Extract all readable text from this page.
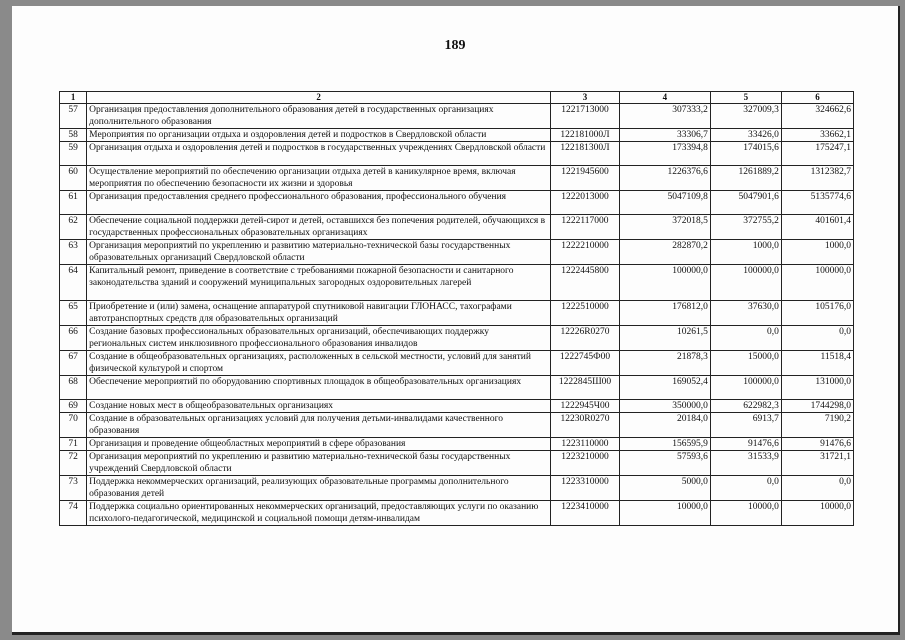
189
1	2	3	4	5	6
57	Организация предоставления дополнительного образования детей в государственных организациях дополнительного образования	1221713000	307333,2	327009,3	324662,6
58	Мероприятия по организации отдыха и оздоровления детей и подростков в Свердловской области	122181000Л	33306,7	33426,0	33662,1
59	Организация отдыха и оздоровления детей и подростков в государственных учреждениях Свердловской области	122181300Л	173394,8	174015,6	175247,1
60	Осуществление мероприятий по обеспечению организации отдыха детей в каникулярное время, включая мероприятия по обеспечению безопасности их жизни и здоровья	1221945600	1226376,6	1261889,2	1312382,7
61	Организация предоставления среднего профессионального образования, профессионального обучения	1222013000	5047109,8	5047901,6	5135774,6
62	Обеспечение социальной поддержки детей-сирот и детей, оставшихся без попечения родителей, обучающихся в государственных профессиональных образовательных организациях	1222117000	372018,5	372755,2	401601,4
63	Организация мероприятий по укреплению и развитию материально-технической базы государственных образовательных организаций Свердловской области	1222210000	282870,2	1000,0	1000,0
64	Капитальный ремонт, приведение в соответствие с требованиями пожарной безопасности и санитарного законодательства зданий и сооружений муниципальных загородных оздоровительных лагерей	1222445800	100000,0	100000,0	100000,0
65	Приобретение и (или) замена, оснащение аппаратурой спутниковой навигации ГЛОНАСС, тахографами автотранспортных средств для образовательных организаций	1222510000	176812,0	37630,0	105176,0
66	Создание базовых профессиональных образовательных организаций, обеспечивающих поддержку региональных систем инклюзивного профессионального образования инвалидов	12226R0270	10261,5	0,0	0,0
67	Создание в общеобразовательных организациях, расположенных в сельской местности, условий для занятий физической культурой и спортом	1222745Ф00	21878,3	15000,0	11518,4
68	Обеспечение мероприятий по оборудованию спортивных площадок в общеобразовательных организациях	1222845Ш00	169052,4	100000,0	131000,0
69	Создание новых мест в общеобразовательных организациях	1222945Ч00	350000,0	622982,3	1744298,0
70	Создание в образовательных организациях условий для получения детьми-инвалидами качественного образования	12230R0270	20184,0	6913,7	7190,2
71	Организация и проведение общеобластных мероприятий в сфере образования	1223110000	156595,9	91476,6	91476,6
72	Организация мероприятий по укреплению и развитию материально-технической базы государственных учреждений Свердловской области	1223210000	57593,6	31533,9	31721,1
73	Поддержка некоммерческих организаций, реализующих образовательные программы дополнительного образования детей	1223310000	5000,0	0,0	0,0
74	Поддержка социально ориентированных некоммерческих организаций, предоставляющих услуги по оказанию психолого-педагогической, медицинской и социальной помощи детям-инвалидам	1223410000	10000,0	10000,0	10000,0
